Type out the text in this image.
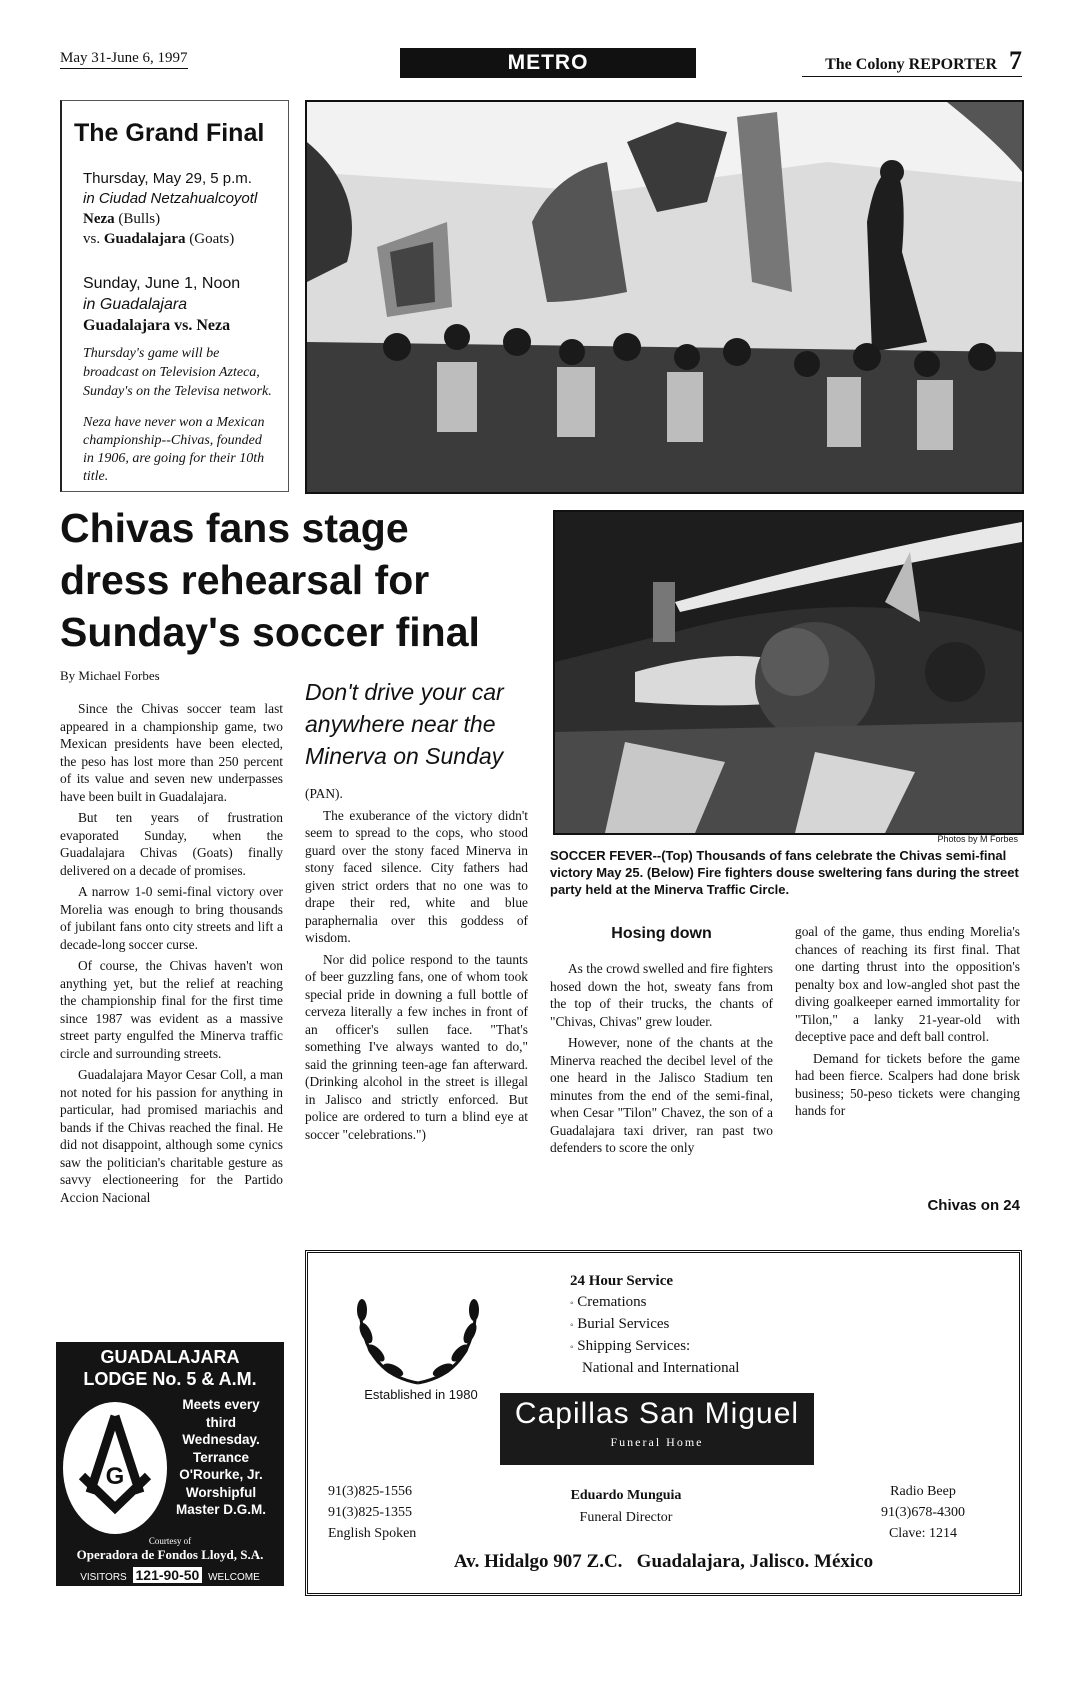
May 31-June 6, 1997	METRO	The Colony REPORTER 7
The Grand Final
Thursday, May 29, 5 p.m.
in Ciudad Netzahualcoyotl
Neza (Bulls)
vs. Guadalajara (Goats)
Sunday, June 1, Noon
in Guadalajara
Guadalajara vs. Neza
Thursday's game will be broadcast on Television Azteca, Sunday's on the Televisa network.
Neza have never won a Mexican championship--Chivas, founded in 1906, are going for their 10th title.
Chivas fans stage
dress rehearsal for
Sunday's soccer final
Photos by M Forbes
SOCCER FEVER--(Top) Thousands of fans celebrate the Chivas semi-final victory May 25. (Below) Fire fighters douse sweltering fans during the street party held at the Minerva Traffic Circle.
By Michael Forbes

Since the Chivas soccer team last appeared in a championship game, two Mexican presidents have been elected, the peso has lost more than 250 percent of its value and seven new underpasses have been built in Guadalajara.

But ten years of frustration evaporated Sunday, when the Guadalajara Chivas (Goats) finally delivered on a decade of promises.

A narrow 1-0 semi-final victory over Morelia was enough to bring thousands of jubilant fans onto city streets and lift a decade-long soccer curse.

Of course, the Chivas haven't won anything yet, but the relief at reaching the championship final for the first time since 1987 was evident as a massive street party engulfed the Minerva traffic circle and surrounding streets.

Guadalajara Mayor Cesar Coll, a man not noted for his passion for anything in particular, had promised mariachis and bands if the Chivas reached the final. He did not disappoint, although some cynics saw the politician's charitable gesture as savvy electioneering for the Partido Accion Nacional

Don't drive your car anywhere near the Minerva on Sunday

(PAN).

The exuberance of the victory didn't seem to spread to the cops, who stood guard over the stony faced Minerva in stony faced silence. City fathers had given strict orders that no one was to drape their red, white and blue paraphernalia over this goddess of wisdom.

Nor did police respond to the taunts of beer guzzling fans, one of whom took special pride in downing a full bottle of cerveza literally a few inches in front of an officer's sullen face. "That's something I've always wanted to do," said the grinning teen-age fan afterward. (Drinking alcohol in the street is illegal in Jalisco and strictly enforced. But police are ordered to turn a blind eye at soccer "celebrations.")

Hosing down

As the crowd swelled and fire fighters hosed down the hot, sweaty fans from the top of their trucks, the chants of "Chivas, Chivas" grew louder.

However, none of the chants at the Minerva reached the decibel level of the one heard in the Jalisco Stadium ten minutes from the end of the semi-final, when Cesar "Tilon" Chavez, the son of a Guadalajara taxi driver, ran past two defenders to score the only

goal of the game, thus ending Morelia's chances of reaching its first final. That one darting thrust into the opposition's penalty box and low-angled shot past the diving goalkeeper earned immortality for "Tilon," a lanky 21-year-old with deceptive pace and deft ball control.

Demand for tickets before the game had been fierce. Scalpers had done brisk business; 50-peso tickets were changing hands for

Chivas on 24
GUADALAJARA
LODGE No. 5 & A.M.
G
Meets every
third
Wednesday.
Terrance
O'Rourke, Jr.
Worshipful
Master D.G.M.
Courtesy of
Operadora de Fondos Lloyd, S.A.
VISITORS 121-90-50 WELCOME
Established in 1980
24 Hour Service
◦ Cremations
◦ Burial Services
◦ Shipping Services:
National and International
Capillas San Miguel
Funeral Home
91(3)825-1556
91(3)825-1355
English Spoken
Eduardo Munguia
Funeral Director
Radio Beep
91(3)678-4300
Clave: 1214
Av. Hidalgo 907 Z.C.   Guadalajara, Jalisco. México
